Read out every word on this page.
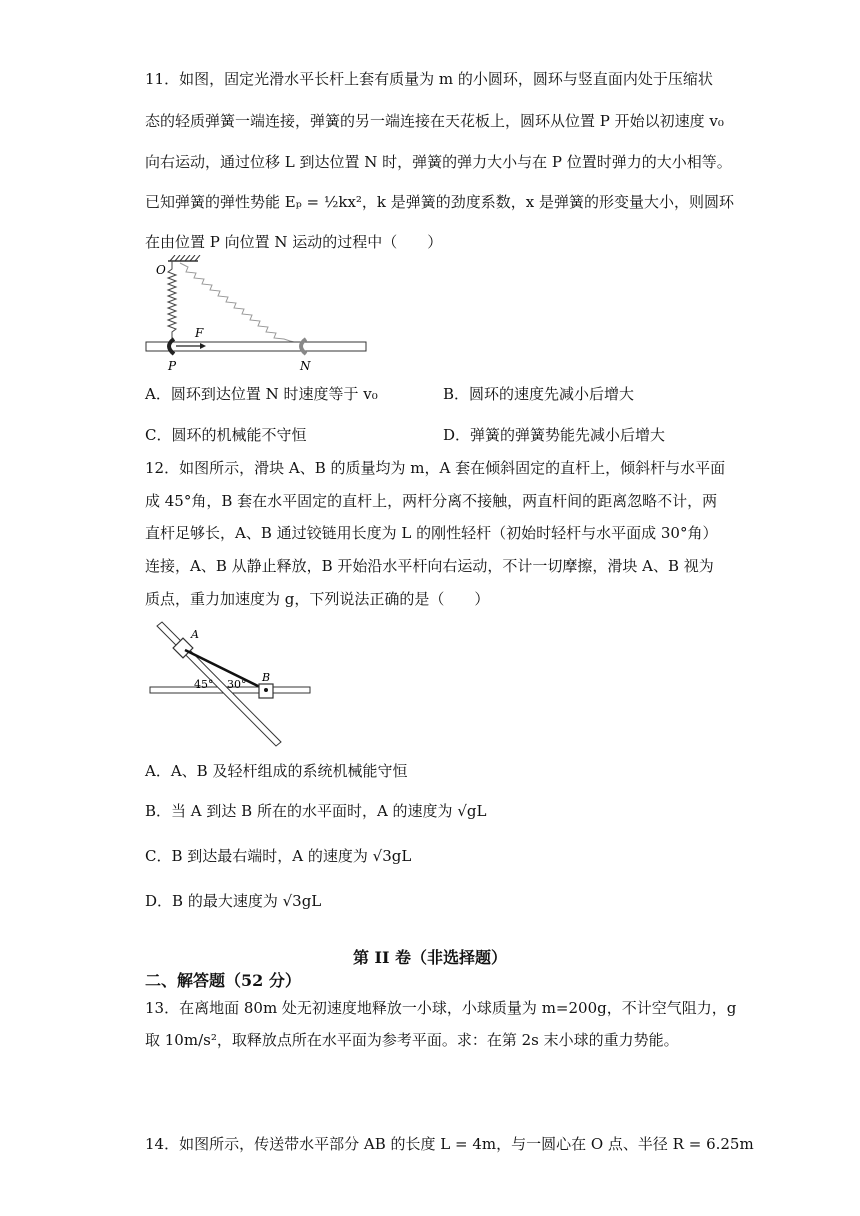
11．如图，固定光滑水平长杆上套有质量为 m 的小圆环，圆环与竖直面内处于压缩状
态的轻质弹簧一端连接，弹簧的另一端连接在天花板上，圆环从位置 P 开始以初速度 v₀
向右运动，通过位移 L 到达位置 N 时，弹簧的弹力大小与在 P 位置时弹力的大小相等。
已知弹簧的弹性势能 Eₚ = ½kx²，k 是弹簧的劲度系数，x 是弹簧的形变量大小，则圆环
在由位置 P 向位置 N 运动的过程中（　　）
O
F
P	N
A．圆环到达位置 N 时速度等于 v₀	B．圆环的速度先减小后增大
C．圆环的机械能不守恒	D．弹簧的弹簧势能先减小后增大
12．如图所示，滑块 A、B 的质量均为 m，A 套在倾斜固定的直杆上，倾斜杆与水平面
成 45°角，B 套在水平固定的直杆上，两杆分离不接触，两直杆间的距离忽略不计，两
直杆足够长，A、B 通过铰链用长度为 L 的刚性轻杆（初始时轻杆与水平面成 30°角）
连接，A、B 从静止释放，B 开始沿水平杆向右运动，不计一切摩擦，滑块 A、B 视为
质点，重力加速度为 g，下列说法正确的是（　　）
A
B
45° 30°
A．A、B 及轻杆组成的系统机械能守恒
B．当 A 到达 B 所在的水平面时，A 的速度为 √gL
C．B 到达最右端时，A 的速度为 √3gL
D．B 的最大速度为 √3gL
第 II 卷（非选择题）
二、解答题（52 分）
13．在离地面 80m 处无初速度地释放一小球，小球质量为 m=200g，不计空气阻力，g
取 10m/s²，取释放点所在水平面为参考平面。求：在第 2s 末小球的重力势能。
14．如图所示，传送带水平部分 AB 的长度 L = 4m，与一圆心在 O 点、半径 R = 6.25m
